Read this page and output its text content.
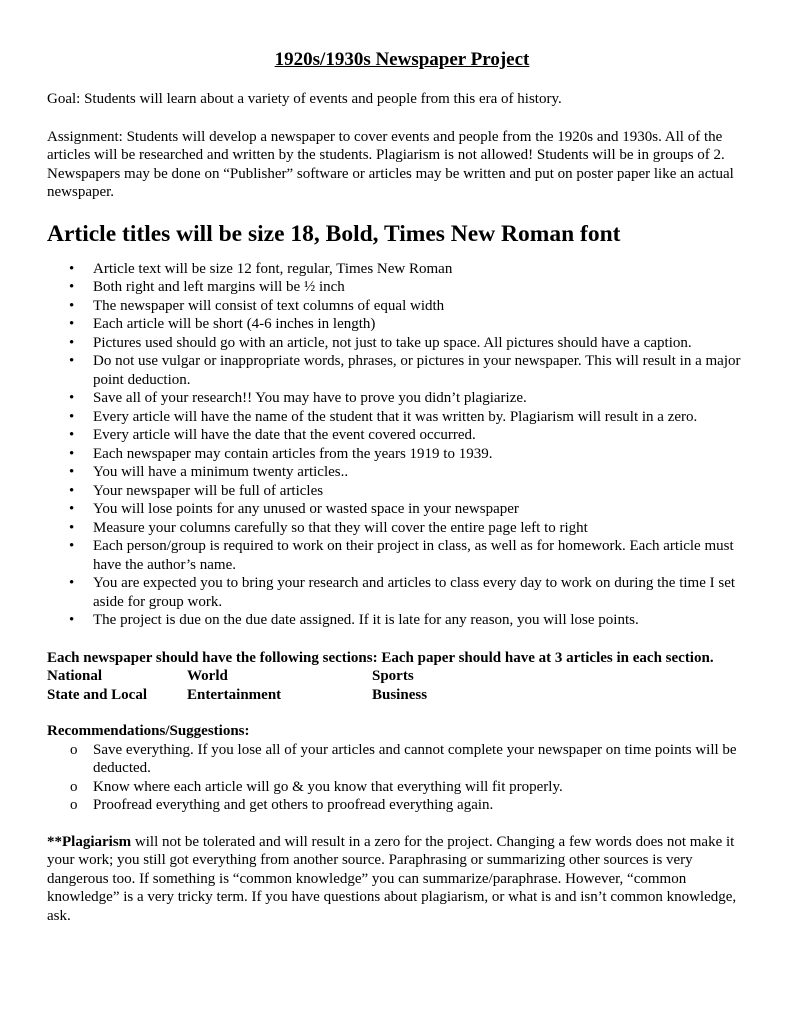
1920s/1930s Newspaper Project

Goal: Students will learn about a variety of events and people from this era of history.

Assignment: Students will develop a newspaper to cover events and people from the 1920s and 1930s. All of the articles will be researched and written by the students. Plagiarism is not allowed! Students will be in groups of 2. Newspapers may be done on “Publisher” software or articles may be written and put on poster paper like an actual newspaper.

Article titles will be size 18, Bold, Times New Roman font
• Article text will be size 12 font, regular, Times New Roman
• Both right and left margins will be ½ inch
• The newspaper will consist of text columns of equal width
• Each article will be short (4-6 inches in length)
• Pictures used should go with an article, not just to take up space. All pictures should have a caption.
• Do not use vulgar or inappropriate words, phrases, or pictures in your newspaper. This will result in a major point deduction.
• Save all of your research!! You may have to prove you didn’t plagiarize.
• Every article will have the name of the student that it was written by. Plagiarism will result in a zero.
• Every article will have the date that the event covered occurred.
• Each newspaper may contain articles from the years 1919 to 1939.
• You will have a minimum twenty articles..
• Your newspaper will be full of articles
• You will lose points for any unused or wasted space in your newspaper
• Measure your columns carefully so that they will cover the entire page left to right
• Each person/group is required to work on their project in class, as well as for homework. Each article must have the author’s name.
• You are expected you to bring your research and articles to class every day to work on during the time I set aside for group work.
• The project is due on the due date assigned. If it is late for any reason, you will lose points.

Each newspaper should have the following sections: Each paper should have at 3 articles in each section.

National	World	Sports
State and Local	Entertainment	Business

Recommendations/Suggestions:

o Save everything. If you lose all of your articles and cannot complete your newspaper on time points will be deducted.
o Know where each article will go & you know that everything will fit properly.
o Proofread everything and get others to proofread everything again.

**Plagiarism will not be tolerated and will result in a zero for the project. Changing a few words does not make it your work; you still got everything from another source. Paraphrasing or summarizing other sources is very dangerous too. If something is “common knowledge” you can summarize/paraphrase. However, “common knowledge” is a very tricky term. If you have questions about plagiarism, or what is and isn’t common knowledge, ask.
